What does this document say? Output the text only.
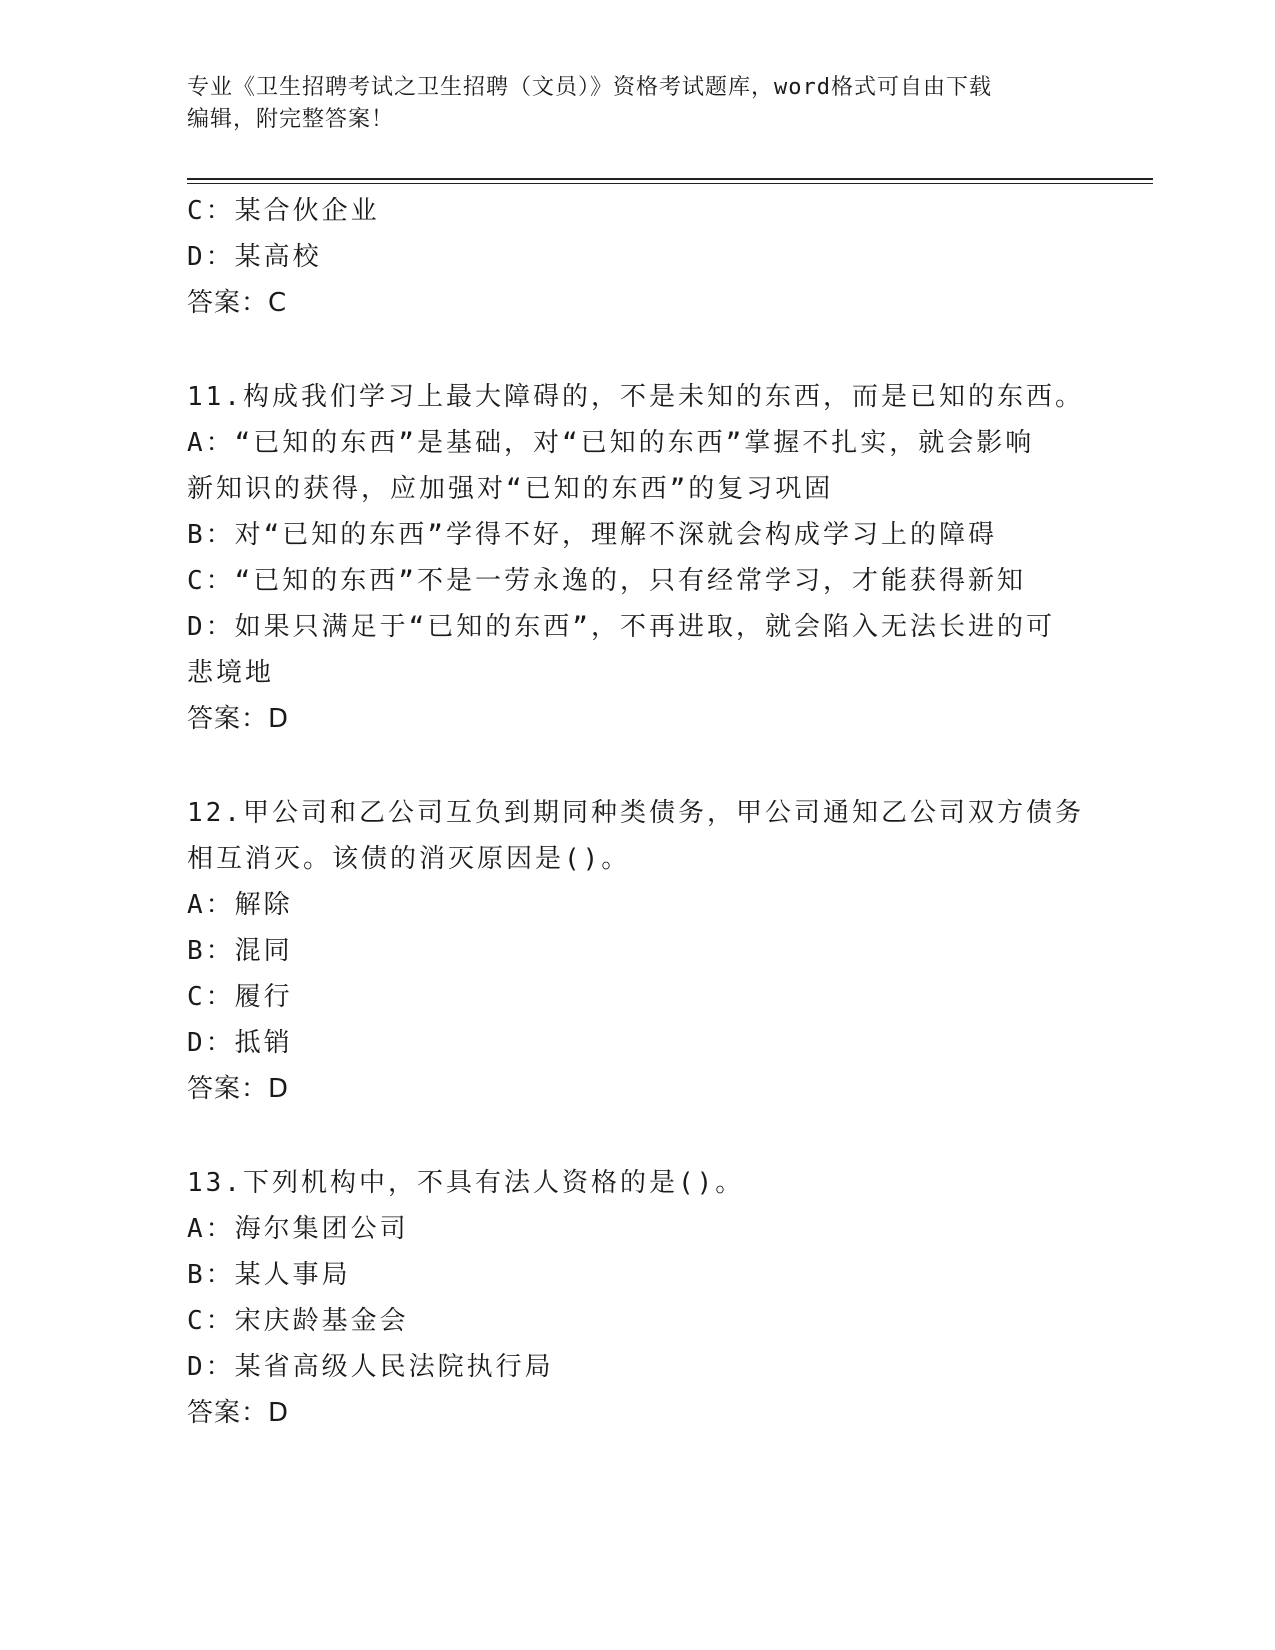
专业《卫生招聘考试之卫生招聘（文员）》资格考试题库，word格式可自由下载
编辑，附完整答案！
C：某合伙企业
D：某高校
答案：C
11.构成我们学习上最大障碍的，不是未知的东西，而是已知的东西。
A：“已知的东西”是基础，对“已知的东西”掌握不扎实，就会影响
新知识的获得，应加强对“已知的东西”的复习巩固
B：对“已知的东西”学得不好，理解不深就会构成学习上的障碍
C：“已知的东西”不是一劳永逸的，只有经常学习，才能获得新知
D：如果只满足于“已知的东西”，不再进取，就会陷入无法长进的可
悲境地
答案：D
12.甲公司和乙公司互负到期同种类债务，甲公司通知乙公司双方债务
相互消灭。该债的消灭原因是()。
A：解除
B：混同
C：履行
D：抵销
答案：D
13.下列机构中，不具有法人资格的是()。
A：海尔集团公司
B：某人事局
C：宋庆龄基金会
D：某省高级人民法院执行局
答案：D
